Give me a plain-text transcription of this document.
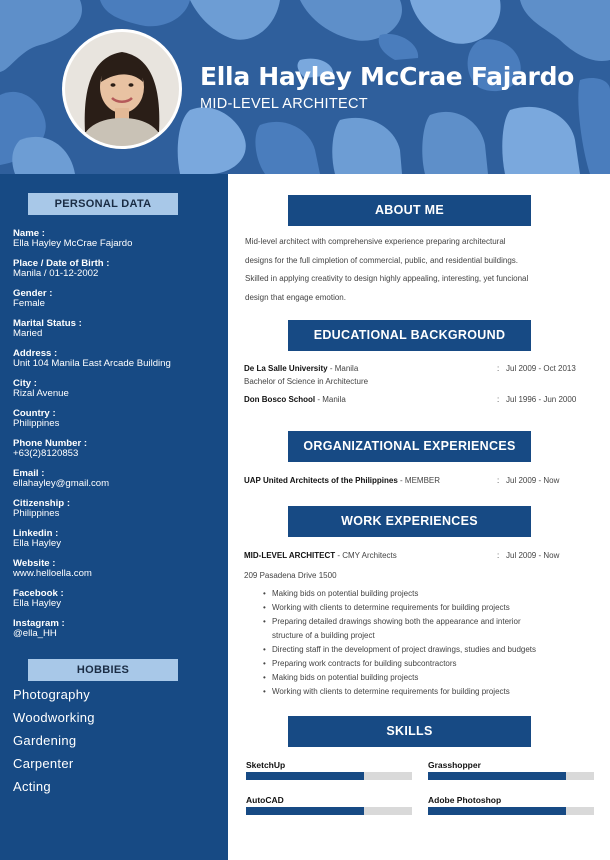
Ella Hayley McCrae Fajardo
MID-LEVEL ARCHITECT
PERSONAL DATA
Name :
Ella Hayley McCrae Fajardo
Place / Date of Birth :
Manila / 01-12-2002
Gender :
Female
Marital Status :
Maried
Address :
Unit 104 Manila East Arcade Building
City :
Rizal Avenue
Country :
Philippines
Phone Number :
+63(2)8120853
Email :
ellahayley@gmail.com
Citizenship :
Philippines
Linkedin :
Ella Hayley
Website :
www.helloella.com
Facebook :
Ella Hayley
Instagram :
@ella_HH
HOBBIES
Photography
Woodworking
Gardening
Carpenter
Acting
ABOUT ME
Mid-level architect with comprehensive experience preparing architectural
designs for the full cimpletion of commercial, public, and residential buildings.
Skilled in applying creativity to design highly appealing, interesting, yet funcional
design that engage emotion.
EDUCATIONAL BACKGROUND
De La Salle University - Manila	: Jul 2009 - Oct 2013
Bachelor of Science in Architecture
Don Bosco School - Manila	: Jul 1996 - Jun 2000
ORGANIZATIONAL EXPERIENCES
UAP United Architects of the Philippines - MEMBER	: Jul 2009 - Now
WORK EXPERIENCES
MID-LEVEL ARCHITECT - CMY Architects	: Jul 2009 - Now
209 Pasadena Drive 1500
• Making bids on potential building projects
• Working with clients to determine requirements for building projects
• Preparing detailed drawings showing both the appearance and interior
structure of a building project
• Directing staff in the development of project drawings, studies and budgets
• Preparing work contracts for building subcontractors
• Making bids on potential building projects
• Working with clients to determine requirements for building projects
SKILLS
SketchUp	Grasshopper
AutoCAD	Adobe Photoshop
